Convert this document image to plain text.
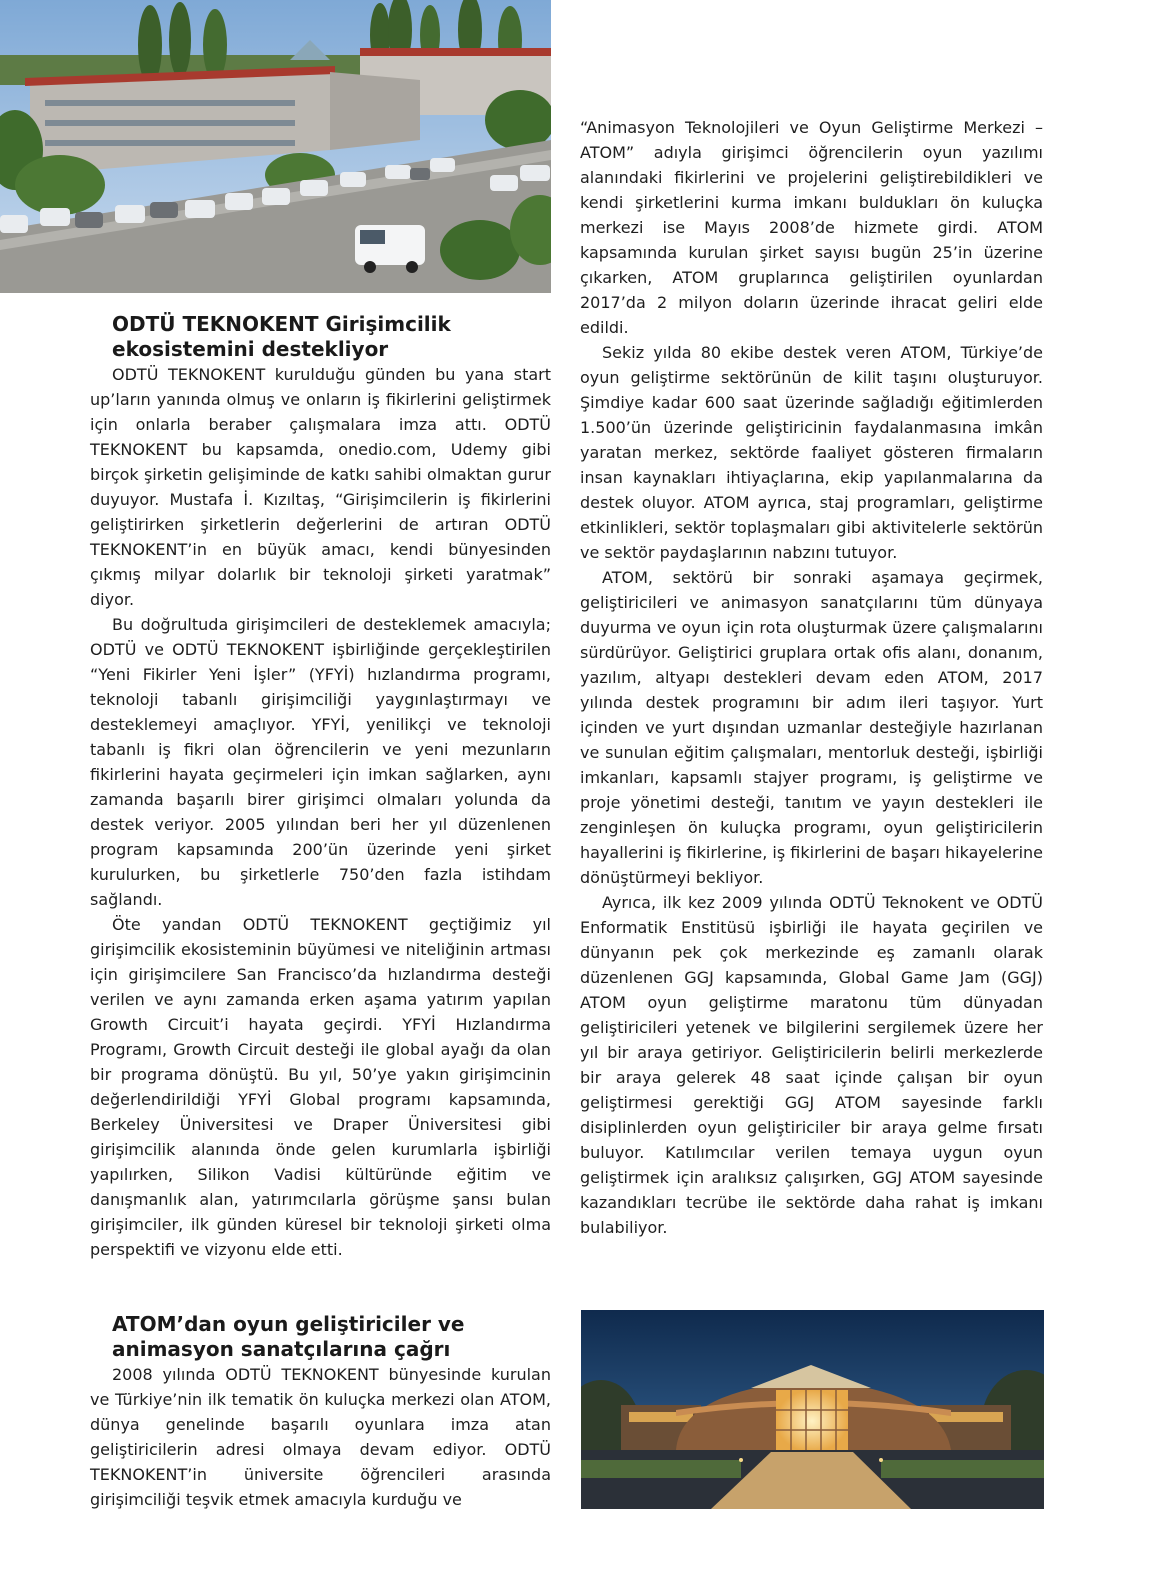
ODTÜ TEKNOKENT Girişimcilik
ekosistemini destekliyor

ODTÜ TEKNOKENT kurulduğu günden bu yana start up’ların yanında olmuş ve onların iş fikirlerini geliştirmek için onlarla beraber çalışmalara imza attı. ODTÜ TEKNOKENT bu kapsamda, onedio.com, Udemy gibi birçok şirketin gelişiminde de katkı sahibi olmaktan gurur duyuyor. Mustafa İ. Kızıltaş, “Girişimcilerin iş fikirlerini geliştirirken şirketlerin değerlerini de artıran ODTÜ TEKNOKENT’in en büyük amacı, kendi bünyesinden çıkmış milyar dolarlık bir teknoloji şirketi yaratmak” diyor.

Bu doğrultuda girişimcileri de desteklemek amacıyla; ODTÜ ve ODTÜ TEKNOKENT işbirliğinde gerçekleştirilen “Yeni Fikirler Yeni İşler” (YFYİ) hızlandırma programı, teknoloji tabanlı girişimciliği yaygınlaştırmayı ve desteklemeyi amaçlıyor. YFYİ, yenilikçi ve teknoloji tabanlı iş fikri olan öğrencilerin ve yeni mezunların fikirlerini hayata geçirmeleri için imkan sağlarken, aynı zamanda başarılı birer girişimci olmaları yolunda da destek veriyor. 2005 yılından beri her yıl düzenlenen program kapsamında 200’ün üzerinde yeni şirket kurulurken, bu şirketlerle 750’den fazla istihdam sağlandı.

Öte yandan ODTÜ TEKNOKENT geçtiğimiz yıl girişimcilik ekosisteminin büyümesi ve niteliğinin artması için girişimcilere San Francisco’da hızlandırma desteği verilen ve aynı zamanda erken aşama yatırım yapılan Growth Circuit’i hayata geçirdi. YFYİ Hızlandırma Programı, Growth Circuit desteği ile global ayağı da olan bir programa dönüştü. Bu yıl, 50’ye yakın girişimcinin değerlendirildiği YFYİ Global programı kapsamında, Berkeley Üniversitesi ve Draper Üniversitesi gibi girişimcilik alanında önde gelen kurumlarla işbirliği yapılırken, Silikon Vadisi kültüründe eğitim ve danışmanlık alan, yatırımcılarla görüşme şansı bulan girişimciler, ilk günden küresel bir teknoloji şirketi olma perspektifi ve vizyonu elde etti.

ATOM’dan oyun geliştiriciler ve
animasyon sanatçılarına çağrı

2008 yılında ODTÜ TEKNOKENT bünyesinde kurulan ve Türkiye’nin ilk tematik ön kuluçka merkezi olan ATOM, dünya genelinde başarılı oyunlara imza atan geliştiricilerin adresi olmaya devam ediyor. ODTÜ TEKNOKENT’in üniversite öğrencileri arasında girişimciliği teşvik etmek amacıyla kurduğu ve

“Animasyon Teknolojileri ve Oyun Geliştirme Merkezi – ATOM” adıyla girişimci öğrencilerin oyun yazılımı alanındaki fikirlerini ve projelerini geliştirebildikleri ve kendi şirketlerini kurma imkanı buldukları ön kuluçka merkezi ise Mayıs 2008’de hizmete girdi. ATOM kapsamında kurulan şirket sayısı bugün 25’in üzerine çıkarken, ATOM gruplarınca geliştirilen oyunlardan 2017’da 2 milyon doların üzerinde ihracat geliri elde edildi.

Sekiz yılda 80 ekibe destek veren ATOM, Türkiye’de oyun geliştirme sektörünün de kilit taşını oluşturuyor. Şimdiye kadar 600 saat üzerinde sağladığı eğitimlerden 1.500’ün üzerinde geliştiricinin faydalanmasına imkân yaratan merkez, sektörde faaliyet gösteren firmaların insan kaynakları ihtiyaçlarına, ekip yapılanmalarına da destek oluyor. ATOM ayrıca, staj programları, geliştirme etkinlikleri, sektör toplaşmaları gibi aktivitelerle sektörün ve sektör paydaşlarının nabzını tutuyor.

ATOM, sektörü bir sonraki aşamaya geçirmek, geliştiricileri ve animasyon sanatçılarını tüm dünyaya duyurma ve oyun için rota oluşturmak üzere çalışmalarını sürdürüyor. Geliştirici gruplara ortak ofis alanı, donanım, yazılım, altyapı destekleri devam eden ATOM, 2017 yılında destek programını bir adım ileri taşıyor. Yurt içinden ve yurt dışından uzmanlar desteğiyle hazırlanan ve sunulan eğitim çalışmaları, mentorluk desteği, işbirliği imkanları, kapsamlı stajyer programı, iş geliştirme ve proje yönetimi desteği, tanıtım ve yayın destekleri ile zenginleşen ön kuluçka programı, oyun geliştiricilerin hayallerini iş fikirlerine, iş fikirlerini de başarı hikayelerine dönüştürmeyi bekliyor.

Ayrıca, ilk kez 2009 yılında ODTÜ Teknokent ve ODTÜ Enformatik Enstitüsü işbirliği ile hayata geçirilen ve dünyanın pek çok merkezinde eş zamanlı olarak düzenlenen GGJ kapsamında, Global Game Jam (GGJ) ATOM oyun geliştirme maratonu tüm dünyadan geliştiricileri yetenek ve bilgilerini sergilemek üzere her yıl bir araya getiriyor. Geliştiricilerin belirli merkezlerde bir araya gelerek 48 saat içinde çalışan bir oyun geliştirmesi gerektiği GGJ ATOM sayesinde farklı disiplinlerden oyun geliştiriciler bir araya gelme fırsatı buluyor. Katılımcılar verilen temaya uygun oyun geliştirmek için aralıksız çalışırken, GGJ ATOM sayesinde kazandıkları tecrübe ile sektörde daha rahat iş imkanı bulabiliyor.
